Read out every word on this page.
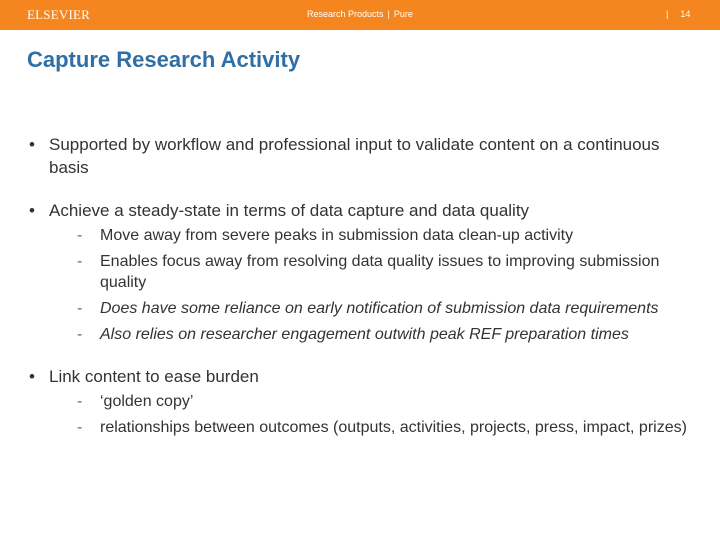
ELSEVIER	Research Products | Pure	| 14
Capture Research Activity
• Supported by workflow and professional input to validate content on a continuous basis
• Achieve a steady-state in terms of data capture and data quality
- Move away from severe peaks in submission data clean-up activity
- Enables focus away from resolving data quality issues to improving submission quality
- Does have some reliance on early notification of submission data requirements
- Also relies on researcher engagement outwith peak REF preparation times
• Link content to ease burden
- ‘golden copy’
- relationships between outcomes (outputs, activities, projects, press, impact, prizes)
